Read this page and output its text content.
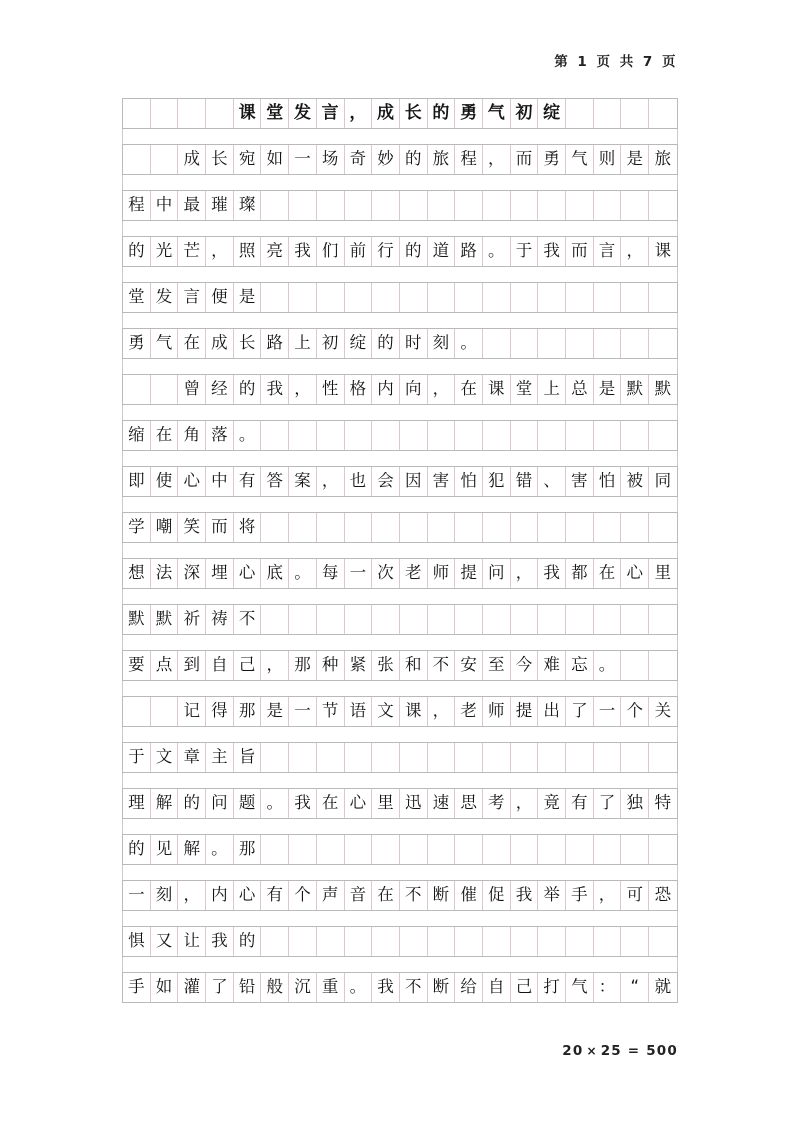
第 1 页 共 7 页
课 堂 发 言 ， 成 长 的 勇 气 初 绽
成 长 宛 如 一 场 奇 妙 的 旅 程 ， 而 勇 气 则 是 旅
程 中 最 璀 璨
的 光 芒 ， 照 亮 我 们 前 行 的 道 路 。 于 我 而 言 ， 课
堂 发 言 便 是
勇 气 在 成 长 路 上 初 绽 的 时 刻 。
曾 经 的 我 ， 性 格 内 向 ， 在 课 堂 上 总 是 默 默
缩 在 角 落 。
即 使 心 中 有 答 案 ， 也 会 因 害 怕 犯 错 、 害 怕 被 同
学 嘲 笑 而 将
想 法 深 埋 心 底 。 每 一 次 老 师 提 问 ， 我 都 在 心 里
默 默 祈 祷 不
要 点 到 自 己 ， 那 种 紧 张 和 不 安 至 今 难 忘 。
记 得 那 是 一 节 语 文 课 ， 老 师 提 出 了 一 个 关
于 文 章 主 旨
理 解 的 问 题 。 我 在 心 里 迅 速 思 考 ， 竟 有 了 独 特
的 见 解 。 那
一 刻 ， 内 心 有 个 声 音 在 不 断 催 促 我 举 手 ， 可 恐
惧 又 让 我 的
手 如 灌 了 铅 般 沉 重 。 我 不 断 给 自 己 打 气 ： “ 就
20 × 25 = 500
